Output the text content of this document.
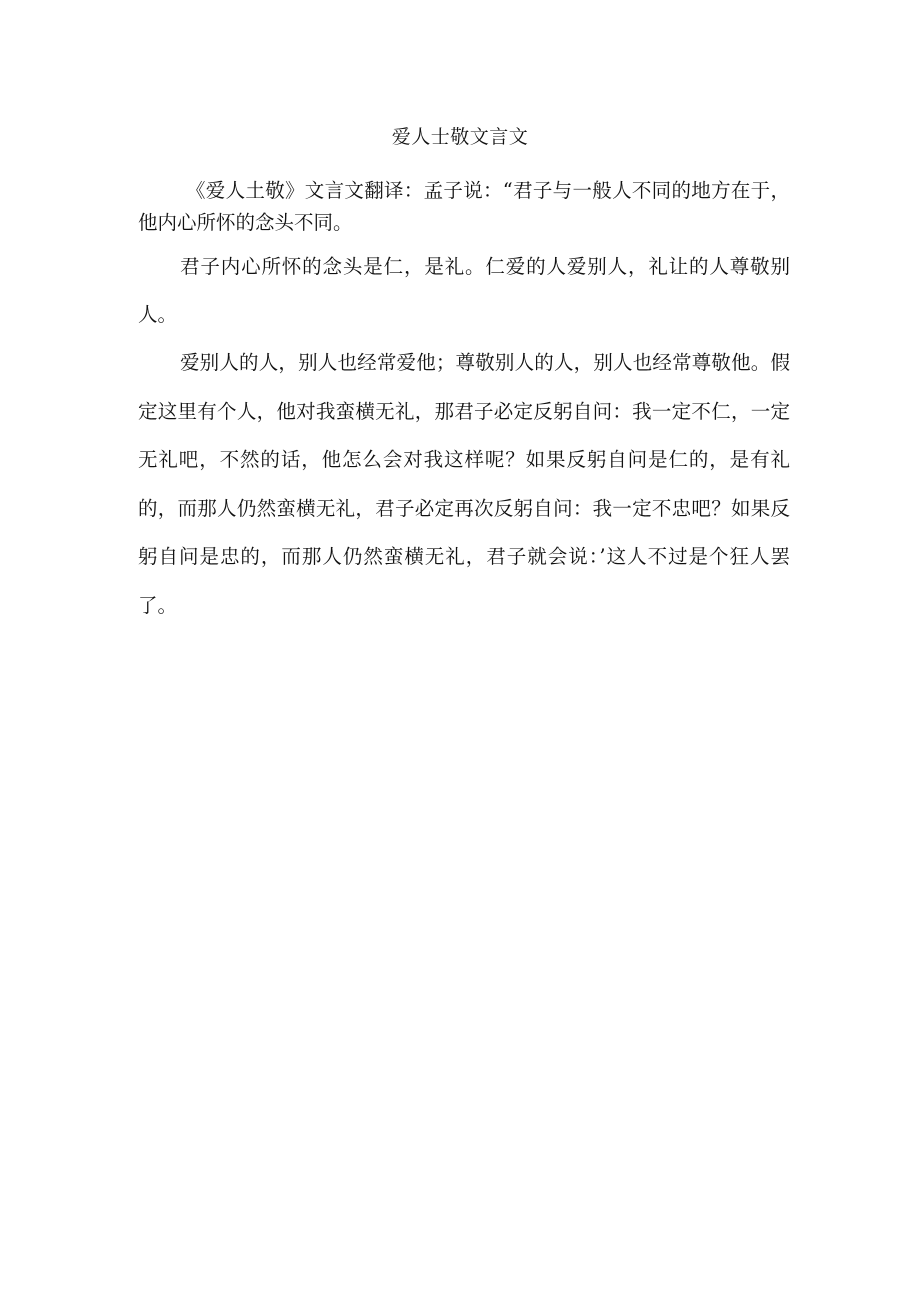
爱人士敬文言文

《爱人土敬》文言文翻译：孟子说：“君子与一般人不同的地方在于，他内心所怀的念头不同。

君子内心所怀的念头是仁，是礼。仁爱的人爱别人，礼让的人尊敬别人。

爱别人的人，别人也经常爱他；尊敬别人的人，别人也经常尊敬他。假定这里有个人，他对我蛮横无礼，那君子必定反躬自问：我一定不仁，一定无礼吧，不然的话，他怎么会对我这样呢？如果反躬自问是仁的，是有礼的，而那人仍然蛮横无礼，君子必定再次反躬自问：我一定不忠吧？如果反躬自问是忠的，而那人仍然蛮横无礼，君子就会说：’这人不过是个狂人罢了。
